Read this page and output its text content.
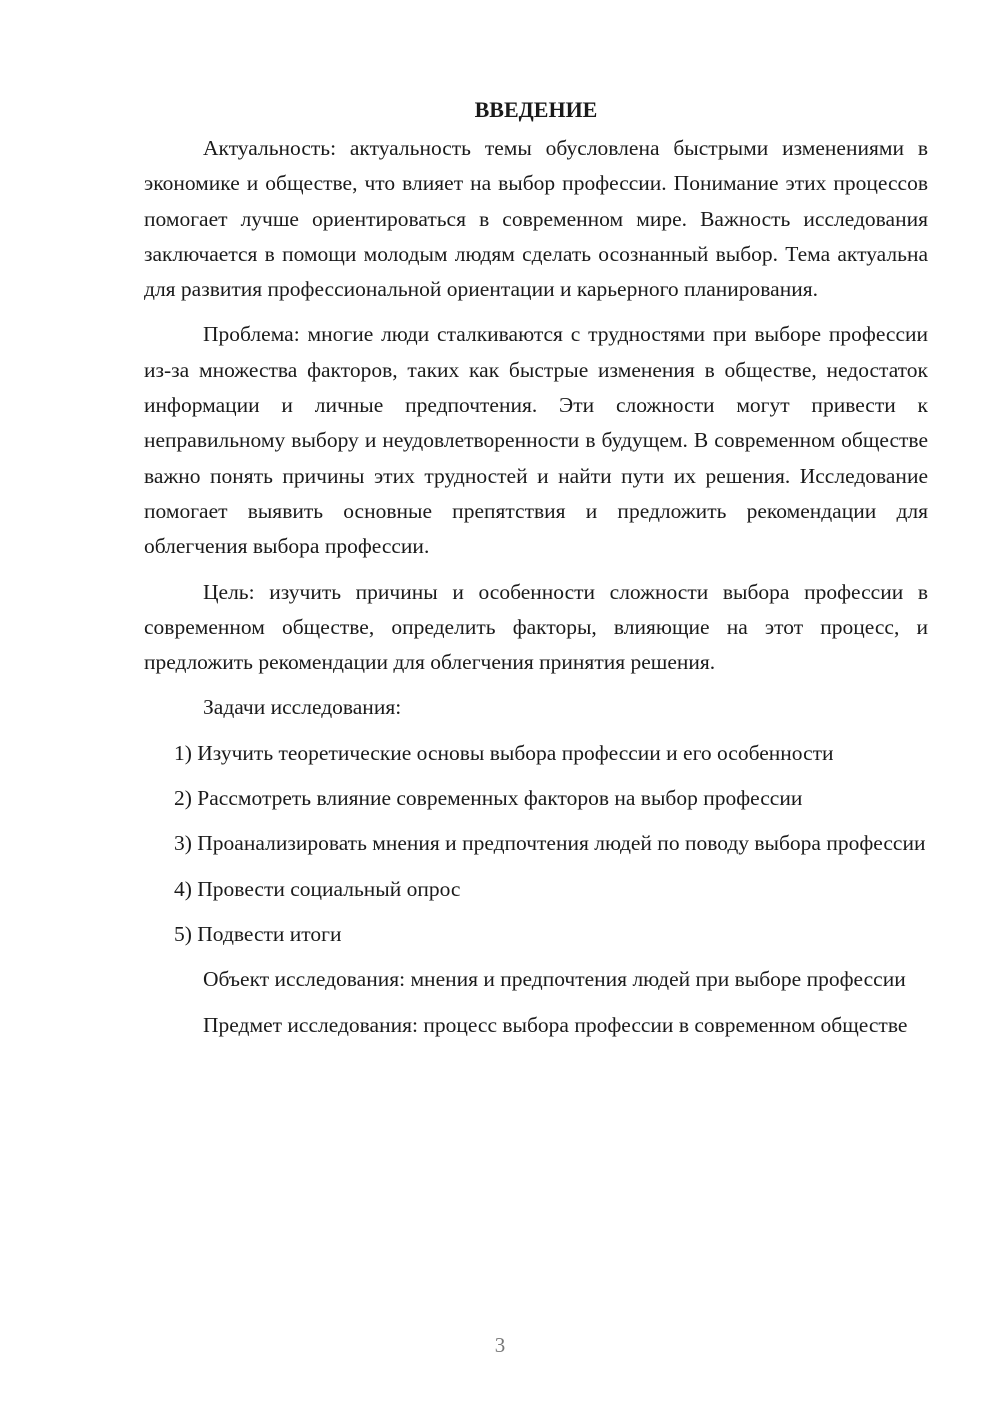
ВВЕДЕНИЕ

Актуальность: актуальность темы обусловлена быстрыми изменениями в экономике и обществе, что влияет на выбор профессии. Понимание этих процессов помогает лучше ориентироваться в современном мире. Важность исследования заключается в помощи молодым людям сделать осознанный выбор. Тема актуальна для развития профессиональной ориентации и карьерного планирования.

Проблема: многие люди сталкиваются с трудностями при выборе профессии из-за множества факторов, таких как быстрые изменения в обществе, недостаток информации и личные предпочтения. Эти сложности могут привести к неправильному выбору и неудовлетворенности в будущем. В современном обществе важно понять причины этих трудностей и найти пути их решения. Исследование помогает выявить основные препятствия и предложить рекомендации для облегчения выбора профессии.

Цель: изучить причины и особенности сложности выбора профессии в современном обществе, определить факторы, влияющие на этот процесс, и предложить рекомендации для облегчения принятия решения.

Задачи исследования:

1) Изучить теоретические основы выбора профессии и его особенности

2) Рассмотреть влияние современных факторов на выбор профессии

3) Проанализировать мнения и предпочтения людей по поводу выбора профессии

4) Провести социальный опрос

5) Подвести итоги

Объект исследования: мнения и предпочтения людей при выборе профессии

Предмет исследования: процесс выбора профессии в современном обществе

3
